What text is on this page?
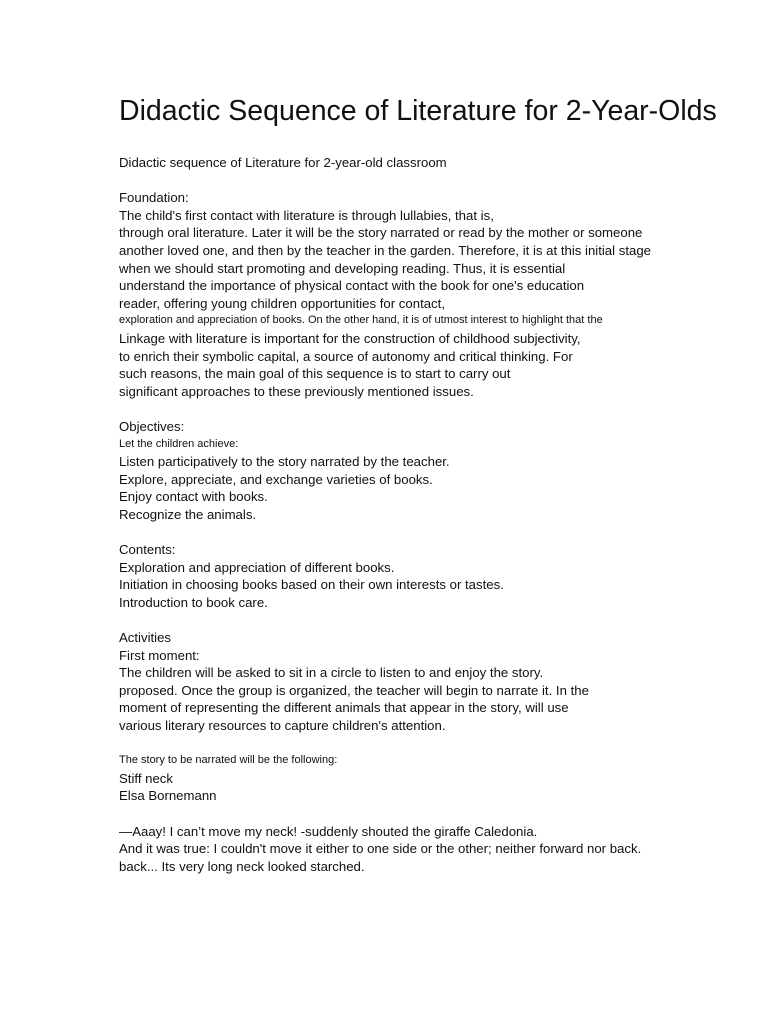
Didactic Sequence of Literature for 2-Year-Olds
Didactic sequence of Literature for 2-year-old classroom
Foundation:
The child's first contact with literature is through lullabies, that is,
through oral literature. Later it will be the story narrated or read by the mother or someone
another loved one, and then by the teacher in the garden. Therefore, it is at this initial stage
when we should start promoting and developing reading. Thus, it is essential
understand the importance of physical contact with the book for one's education
reader, offering young children opportunities for contact,
exploration and appreciation of books. On the other hand, it is of utmost interest to highlight that the
Linkage with literature is important for the construction of childhood subjectivity,
to enrich their symbolic capital, a source of autonomy and critical thinking. For
such reasons, the main goal of this sequence is to start to carry out
significant approaches to these previously mentioned issues.
Objectives:
Let the children achieve:
Listen participatively to the story narrated by the teacher.
Explore, appreciate, and exchange varieties of books.
Enjoy contact with books.
Recognize the animals.
Contents:
Exploration and appreciation of different books.
Initiation in choosing books based on their own interests or tastes.
Introduction to book care.
Activities
First moment:
The children will be asked to sit in a circle to listen to and enjoy the story.
proposed. Once the group is organized, the teacher will begin to narrate it. In the
moment of representing the different animals that appear in the story, will use
various literary resources to capture children's attention.
The story to be narrated will be the following:
Stiff neck
Elsa Bornemann
—Aaay! I can’t move my neck! -suddenly shouted the giraffe Caledonia.
And it was true: I couldn't move it either to one side or the other; neither forward nor back.
back... Its very long neck looked starched.
